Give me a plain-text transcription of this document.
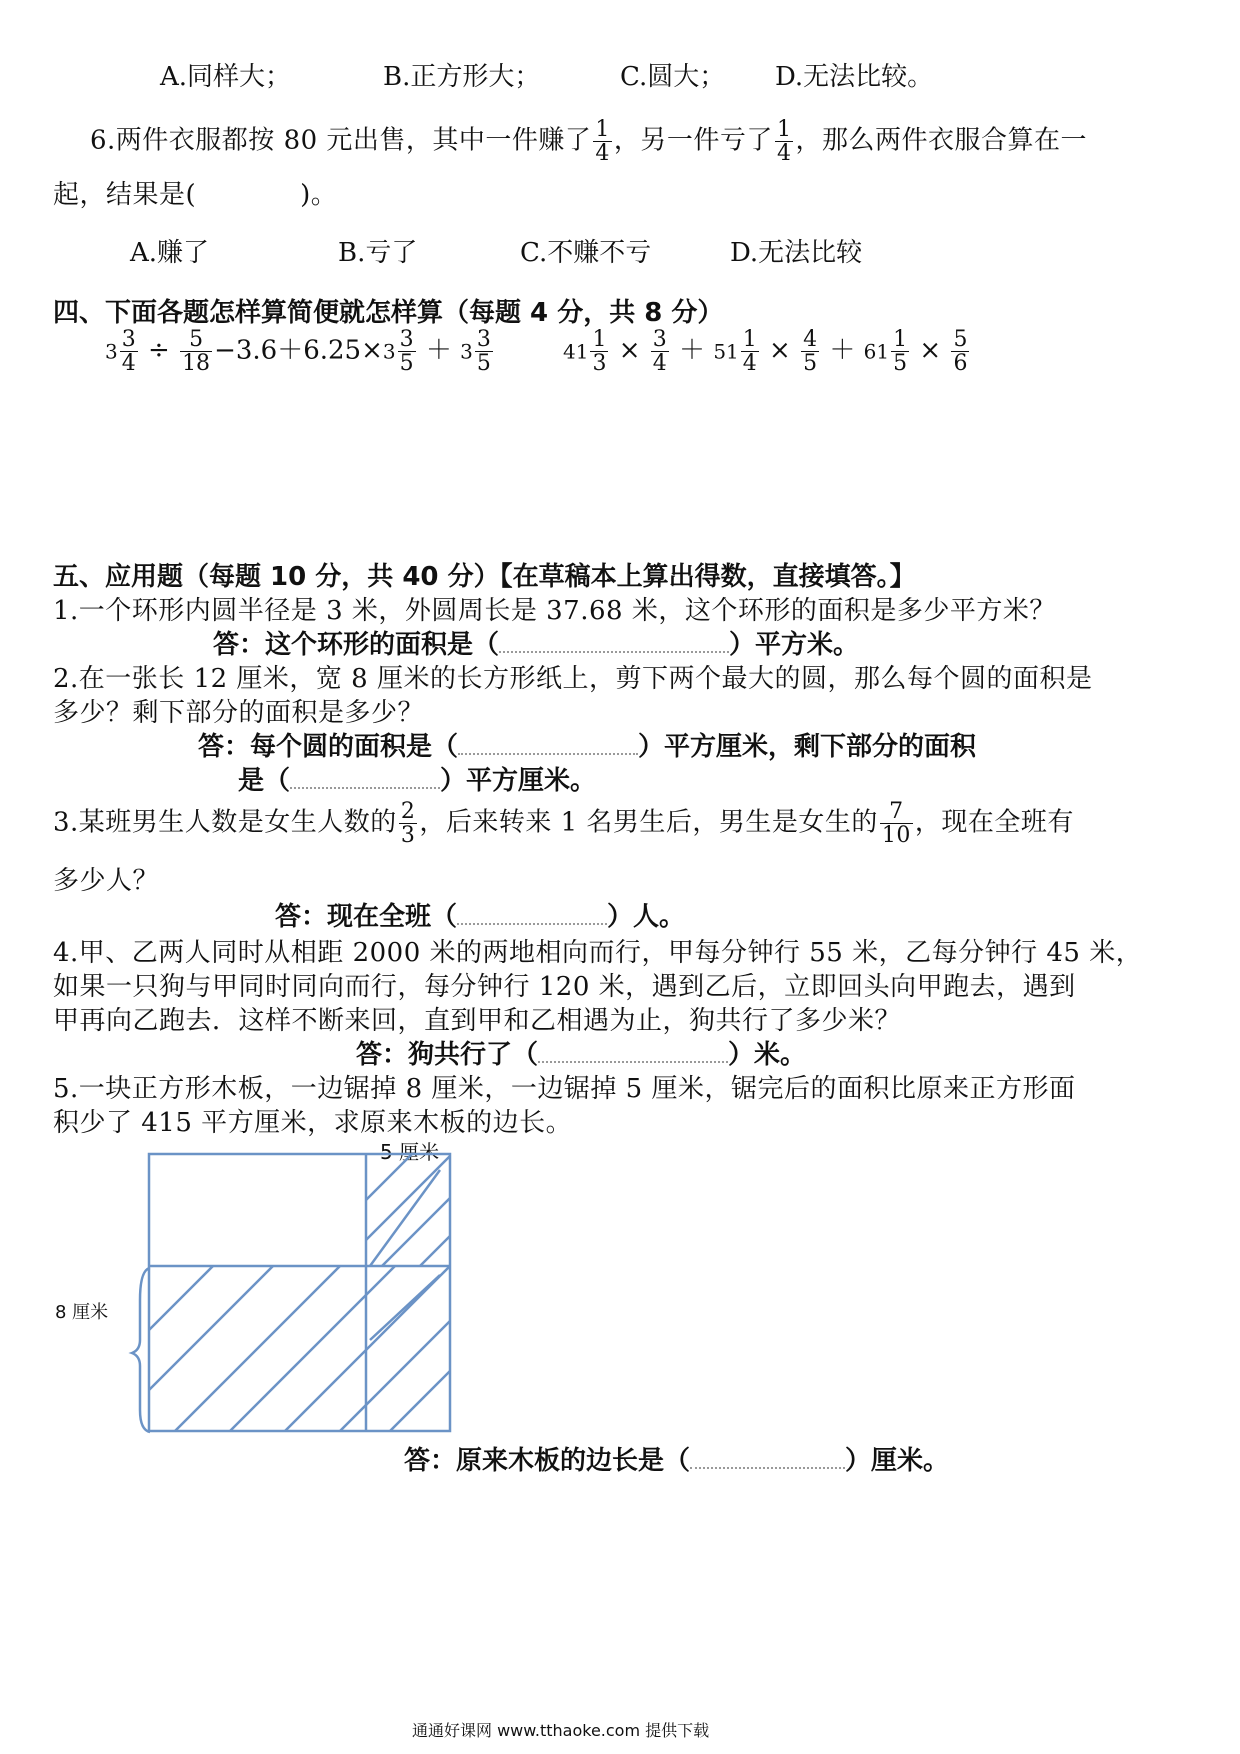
A.同样大；	B.正方形大；	C.圆大； D.无法比较。
6.两件衣服都按 80 元出售，其中一件赚了 $\frac{1}{4}$ ，另一件亏了 $\frac{1}{4}$ ，那么两件衣服合算在一
起，结果是(	)。
A.赚了	B.亏了	C.不赚不亏	D.无法比较
四、下面各题怎样算简便就怎样算（每题 4 分，共 8 分）
$3 \frac{3}{4} \div \frac{5}{18} -3.6+6.25\times 3 \frac{3}{5} + 3 \frac{3}{5}$	$41 \frac{1}{3} \times \frac{3}{4} + 51 \frac{1}{4} \times \frac{4}{5} + 61 \frac{1}{5} \times \frac{5}{6}$
五、应用题（每题 10 分，共 40 分）【在草稿本上算出得数，直接填答。】
1.一个环形内圆半径是 3 米，外圆周长是 37.68 米，这个环形的面积是多少平方米？
答：这个环形的面积是（	）平方米。
2.在一张长 12 厘米，宽 8 厘米的长方形纸上，剪下两个最大的圆，那么每个圆的面积是
多少？剩下部分的面积是多少？
答：每个圆的面积是（	）平方厘米，剩下部分的面积
是（	）平方厘米。
3.某班男生人数是女生人数的 $\frac{2}{3}$ ，后来转来 1 名男生后，男生是女生的 $\frac{7}{10}$ ，现在全班有
多少人？
答：现在全班（	）人。
4.甲、乙两人同时从相距 2000 米的两地相向而行，甲每分钟行 55 米，乙每分钟行 45 米，
如果一只狗与甲同时同向而行，每分钟行 120 米，遇到乙后，立即回头向甲跑去，遇到
甲再向乙跑去．这样不断来回，直到甲和乙相遇为止，狗共行了多少米？
答：狗共行了（	）米。
5.一块正方形木板，一边锯掉 8 厘米，一边锯掉 5 厘米，锯完后的面积比原来正方形面
积少了 415 平方厘米，求原来木板的边长。
5 厘米
8 厘米
答：原来木板的边长是（	）厘米。
通通好课网 www.tthaoke.com 提供下载
